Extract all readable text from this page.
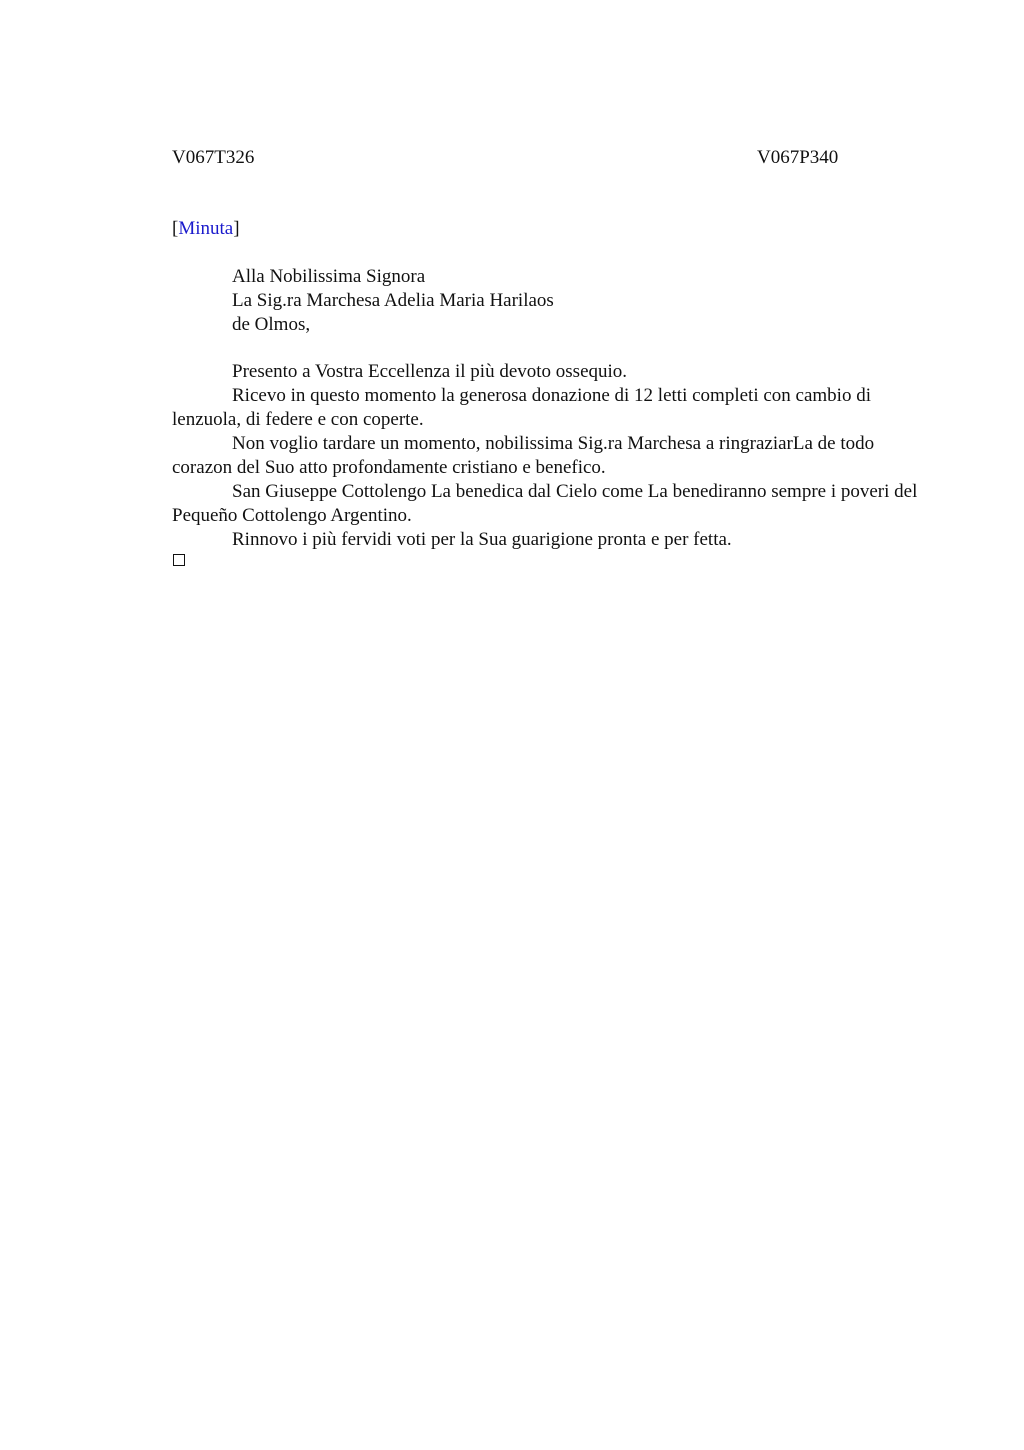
V067T326	V067P340
[Minuta]
Alla Nobilissima Signora
La Sig.ra Marchesa Adelia Maria Harilaos
de Olmos,

Presento a Vostra Eccellenza il più devoto ossequio.

Ricevo in questo momento la generosa donazione di 12 letti completi con cambio di lenzuola, di federe e con coperte.

Non voglio tardare un momento, nobilissima Sig.ra Marchesa a ringraziarLa de todo corazon del Suo atto profondamente cristiano e benefico.

San Giuseppe Cottolengo La benedica dal Cielo come La benediranno sempre i poveri del Pequeño Cottolengo Argentino.

Rinnovo i più fervidi voti per la Sua guarigione pronta e per fetta.
